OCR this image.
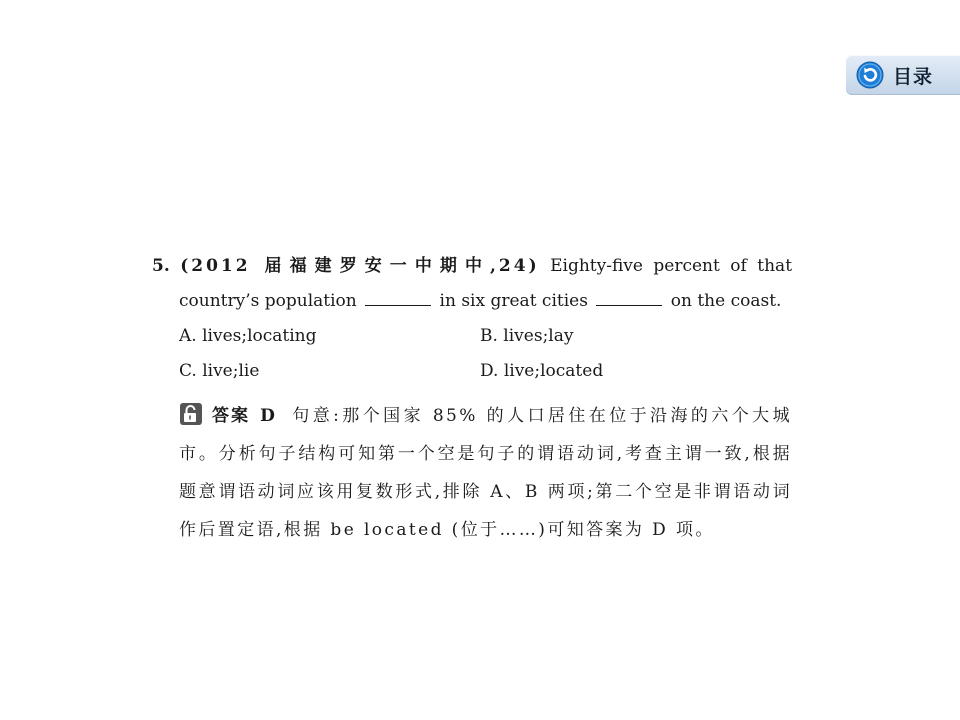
目录
5. (2012 届福建罗安一中期中,24) Eighty-five percent of that
country’s population	in six great cities	on the coast.
A. lives;locating	B. lives;lay
C. live;lie	D. live;located
答案 D 句意:那个国家 85% 的人口居住在位于沿海的六个大城市。分析句子结构可知第一个空是句子的谓语动词,考查主谓一致,根据题意谓语动词应该用复数形式,排除 A、B 两项;第二个空是非谓语动词作后置定语,根据 be located (位于……)可知答案为 D 项。
